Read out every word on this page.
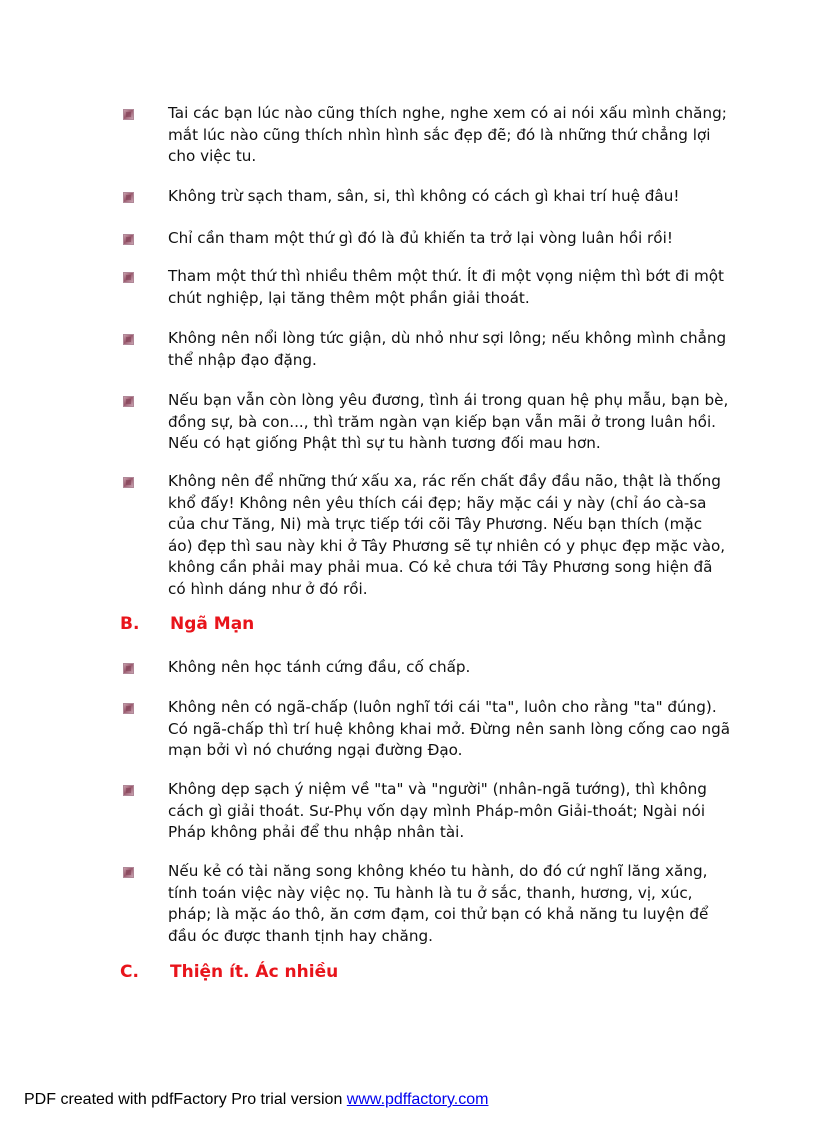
Tai các bạn lúc nào cũng thích nghe, nghe xem có ai nói xấu mình chăng;
mắt lúc nào cũng thích nhìn hình sắc đẹp đẽ; đó là những thứ chẳng lợi
cho việc tu.
Không trừ sạch tham, sân, si, thì không có cách gì khai trí huệ đâu!
Chỉ cần tham một thứ gì đó là đủ khiến ta trở lại vòng luân hồi rồi!
Tham một thứ thì nhiều thêm một thứ. Ít đi một vọng niệm thì bớt đi một
chút nghiệp, lại tăng thêm một phần giải thoát.
Không nên nổi lòng tức giận, dù nhỏ như sợi lông; nếu không mình chẳng
thể nhập đạo đặng.
Nếu bạn vẫn còn lòng yêu đương, tình ái trong quan hệ phụ mẫu, bạn bè,
đồng sự, bà con..., thì trăm ngàn vạn kiếp bạn vẫn mãi ở trong luân hồi.
Nếu có hạt giống Phật thì sự tu hành tương đối mau hơn.
Không nên để những thứ xấu xa, rác rến chất đầy đầu não, thật là thống
khổ đấy! Không nên yêu thích cái đẹp; hãy mặc cái y này (chỉ áo cà-sa
của chư Tăng, Ni) mà trực tiếp tới cõi Tây Phương. Nếu bạn thích (mặc
áo) đẹp thì sau này khi ở Tây Phương sẽ tự nhiên có y phục đẹp mặc vào,
không cần phải may phải mua. Có kẻ chưa tới Tây Phương song hiện đã
có hình dáng như ở đó rồi.
B. Ngã Mạn
Không nên học tánh cứng đầu, cố chấp.
Không nên có ngã-chấp (luôn nghĩ tới cái "ta", luôn cho rằng "ta" đúng).
Có ngã-chấp thì trí huệ không khai mở. Đừng nên sanh lòng cống cao ngã
mạn bởi vì nó chướng ngại đường Đạo.
Không dẹp sạch ý niệm về "ta" và "người" (nhân-ngã tướng), thì không
cách gì giải thoát. Sư-Phụ vốn dạy mình Pháp-môn Giải-thoát; Ngài nói
Pháp không phải để thu nhập nhân tài.
Nếu kẻ có tài năng song không khéo tu hành, do đó cứ nghĩ lăng xăng,
tính toán việc này việc nọ. Tu hành là tu ở sắc, thanh, hương, vị, xúc,
pháp; là mặc áo thô, ăn cơm đạm, coi thử bạn có khả năng tu luyện để
đầu óc được thanh tịnh hay chăng.
C. Thiện ít. Ác nhiều
PDF created with pdfFactory Pro trial version www.pdffactory.com
